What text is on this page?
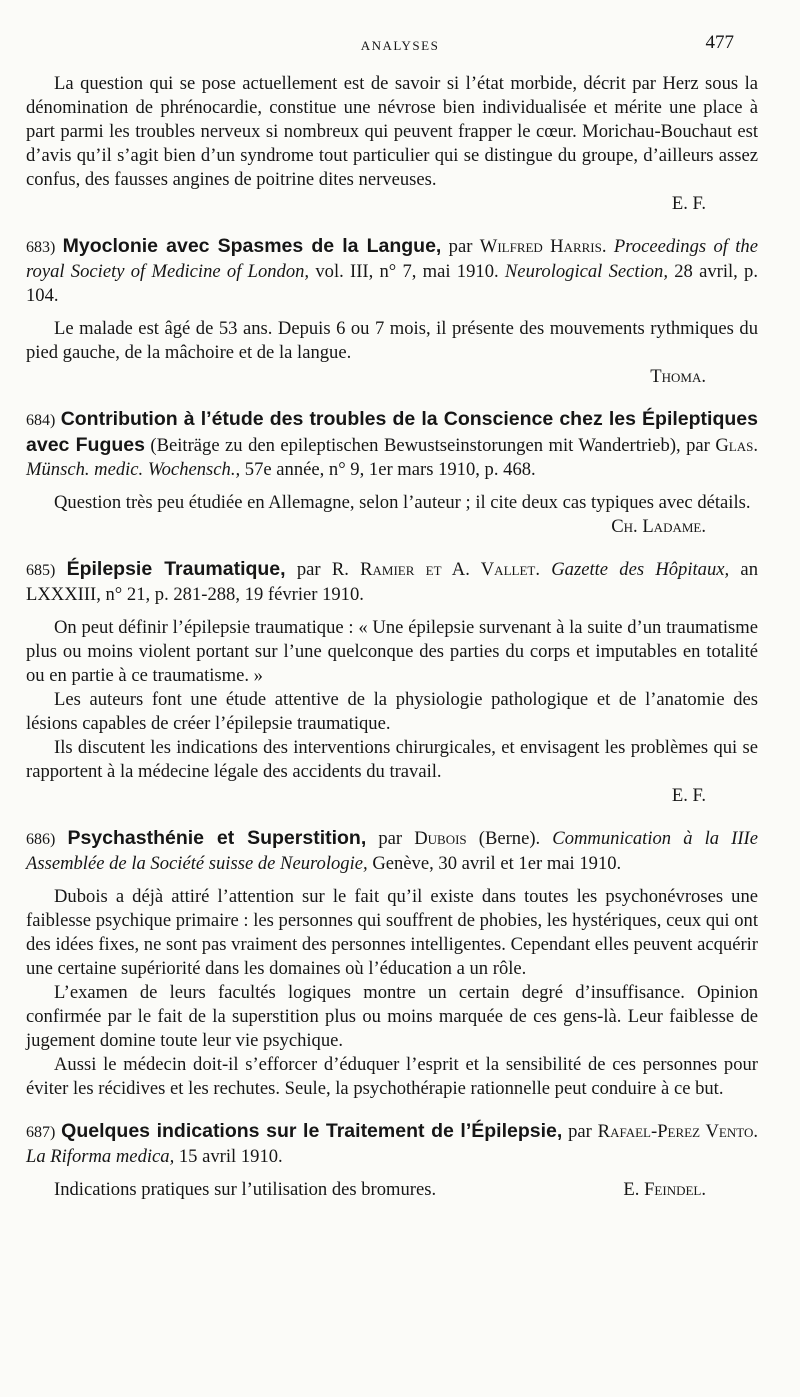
ANALYSES	477

La question qui se pose actuellement est de savoir si l’état morbide, décrit par Herz sous la dénomination de phrénocardie, constitue une névrose bien individualisée et mérite une place à part parmi les troubles nerveux si nombreux qui peuvent frapper le cœur. Morichau-Bouchaut est d’avis qu’il s’agit bien d’un syndrome tout particulier qui se distingue du groupe, d’ailleurs assez confus, des fausses angines de poitrine dites nerveuses.

E. F.

683) Myoclonie avec Spasmes de la Langue, par Wilfred Harris. Proceedings of the royal Society of Medicine of London, vol. III, n° 7, mai 1910. Neurological Section, 28 avril, p. 104.

Le malade est âgé de 53 ans. Depuis 6 ou 7 mois, il présente des mouvements rythmiques du pied gauche, de la mâchoire et de la langue.

Thoma.

684) Contribution à l’étude des troubles de la Conscience chez les Épileptiques avec Fugues (Beiträge zu den epileptischen Bewustseinstorungen mit Wandertrieb), par Glas. Münsch. medic. Wochensch., 57e année, n° 9, 1er mars 1910, p. 468.

Question très peu étudiée en Allemagne, selon l’auteur ; il cite deux cas typiques avec détails.
Ch. Ladame.

685) Épilepsie Traumatique, par R. Ramier et A. Vallet. Gazette des Hôpitaux, an LXXXIII, n° 21, p. 281-288, 19 février 1910.

On peut définir l’épilepsie traumatique : « Une épilepsie survenant à la suite d’un traumatisme plus ou moins violent portant sur l’une quelconque des parties du corps et imputables en totalité ou en partie à ce traumatisme. »

Les auteurs font une étude attentive de la physiologie pathologique et de l’anatomie des lésions capables de créer l’épilepsie traumatique.

Ils discutent les indications des interventions chirurgicales, et envisagent les problèmes qui se rapportent à la médecine légale des accidents du travail.

E. F.

686) Psychasthénie et Superstition, par Dubois (Berne). Communication à la IIIe Assemblée de la Société suisse de Neurologie, Genève, 30 avril et 1er mai 1910.

Dubois a déjà attiré l’attention sur le fait qu’il existe dans toutes les psychonévroses une faiblesse psychique primaire : les personnes qui souffrent de phobies, les hystériques, ceux qui ont des idées fixes, ne sont pas vraiment des personnes intelligentes. Cependant elles peuvent acquérir une certaine supériorité dans les domaines où l’éducation a un rôle.

L’examen de leurs facultés logiques montre un certain degré d’insuffisance. Opinion confirmée par le fait de la superstition plus ou moins marquée de ces gens-là. Leur faiblesse de jugement domine toute leur vie psychique.

Aussi le médecin doit-il s’efforcer d’éduquer l’esprit et la sensibilité de ces personnes pour éviter les récidives et les rechutes. Seule, la psychothérapie rationnelle peut conduire à ce but.

687) Quelques indications sur le Traitement de l’Épilepsie, par Rafael-Perez Vento. La Riforma medica, 15 avril 1910.

Indications pratiques sur l’utilisation des bromures.	E. Feindel.
